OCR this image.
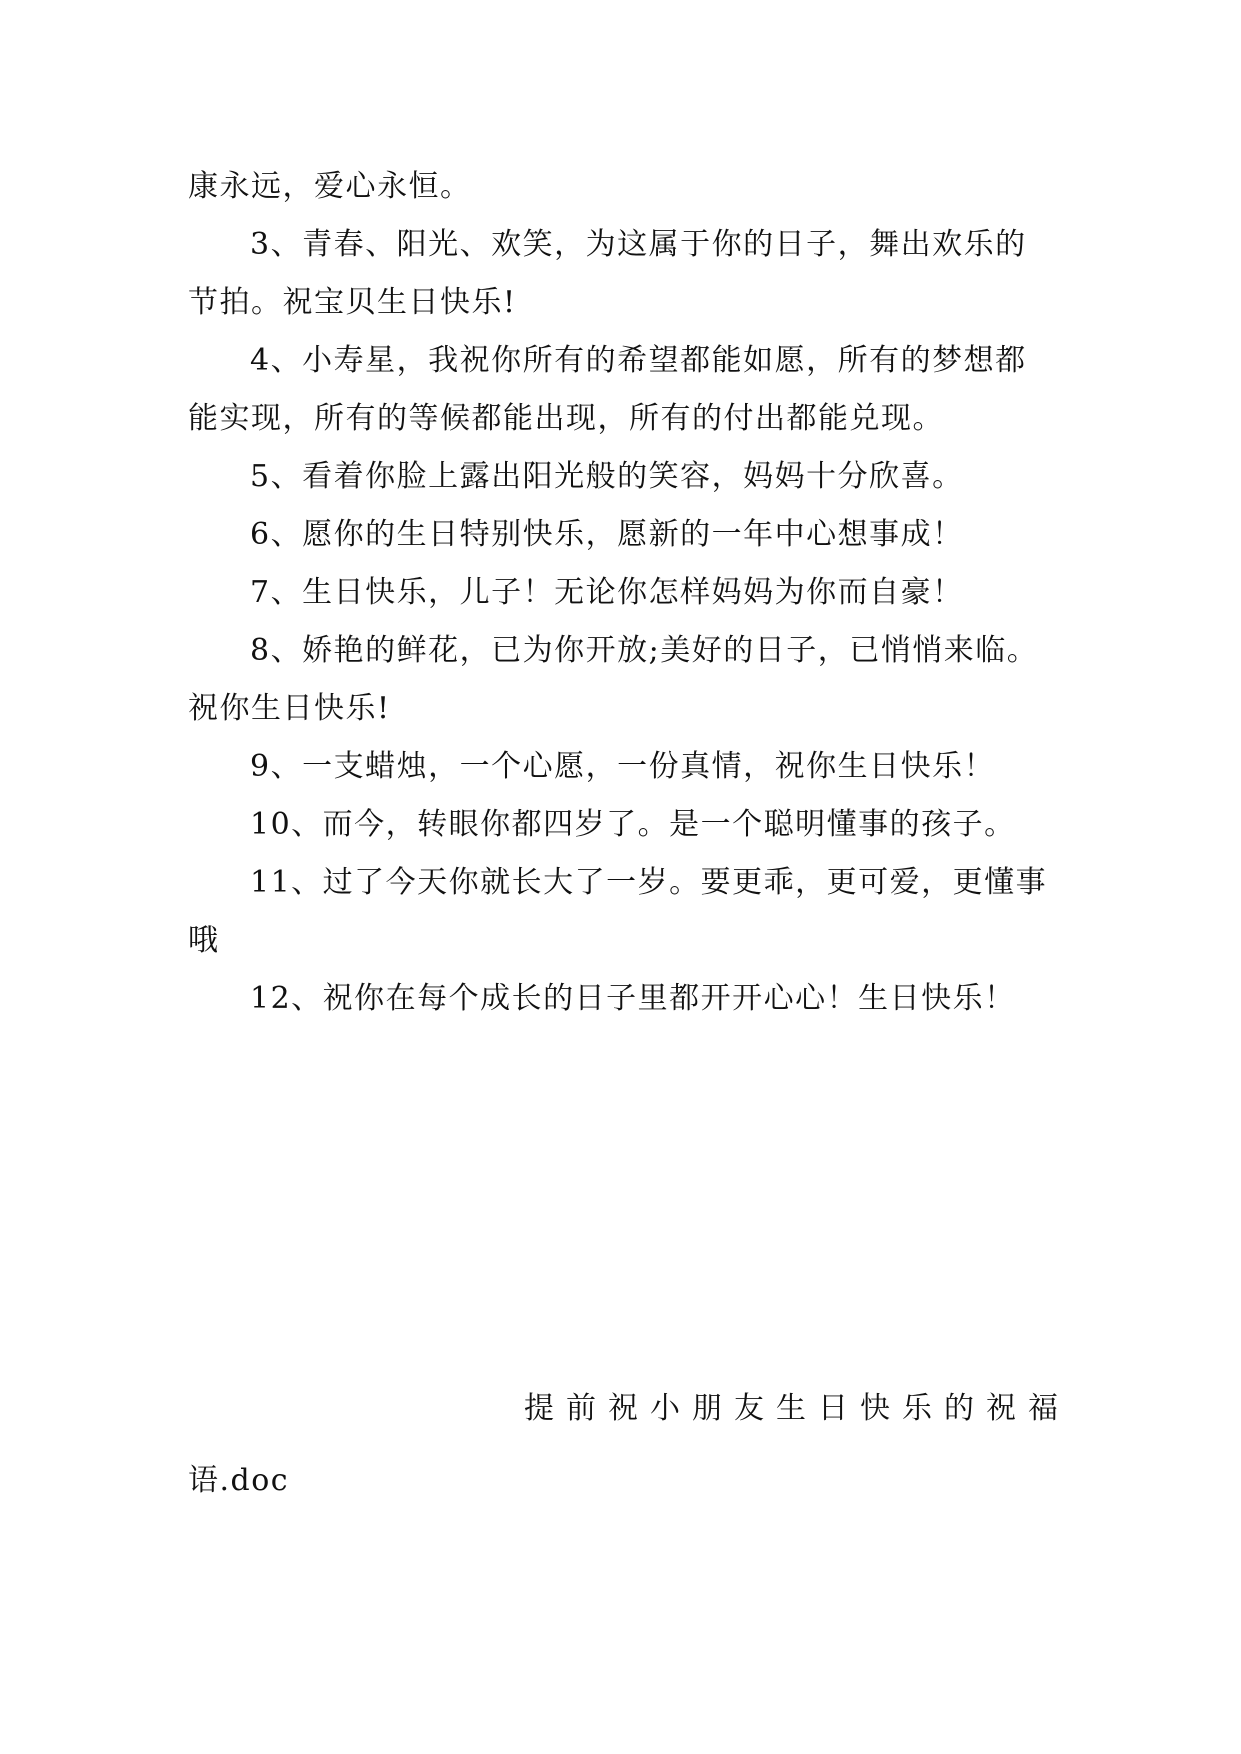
康永远，爱心永恒。

3、青春、阳光、欢笑，为这属于你的日子，舞出欢乐的节拍。祝宝贝生日快乐!

4、小寿星，我祝你所有的希望都能如愿，所有的梦想都能实现，所有的等候都能出现，所有的付出都能兑现。

5、看着你脸上露出阳光般的笑容，妈妈十分欣喜。

6、愿你的生日特别快乐，愿新的一年中心想事成！

7、生日快乐，儿子！无论你怎样妈妈为你而自豪！

8、娇艳的鲜花，已为你开放;美好的日子，已悄悄来临。祝你生日快乐!

9、一支蜡烛，一个心愿，一份真情，祝你生日快乐！

10、而今，转眼你都四岁了。是一个聪明懂事的孩子。

11、过了今天你就长大了一岁。要更乖，更可爱，更懂事哦

12、祝你在每个成长的日子里都开开心心！生日快乐！

提前祝小朋友生日快乐的祝福

语.doc
